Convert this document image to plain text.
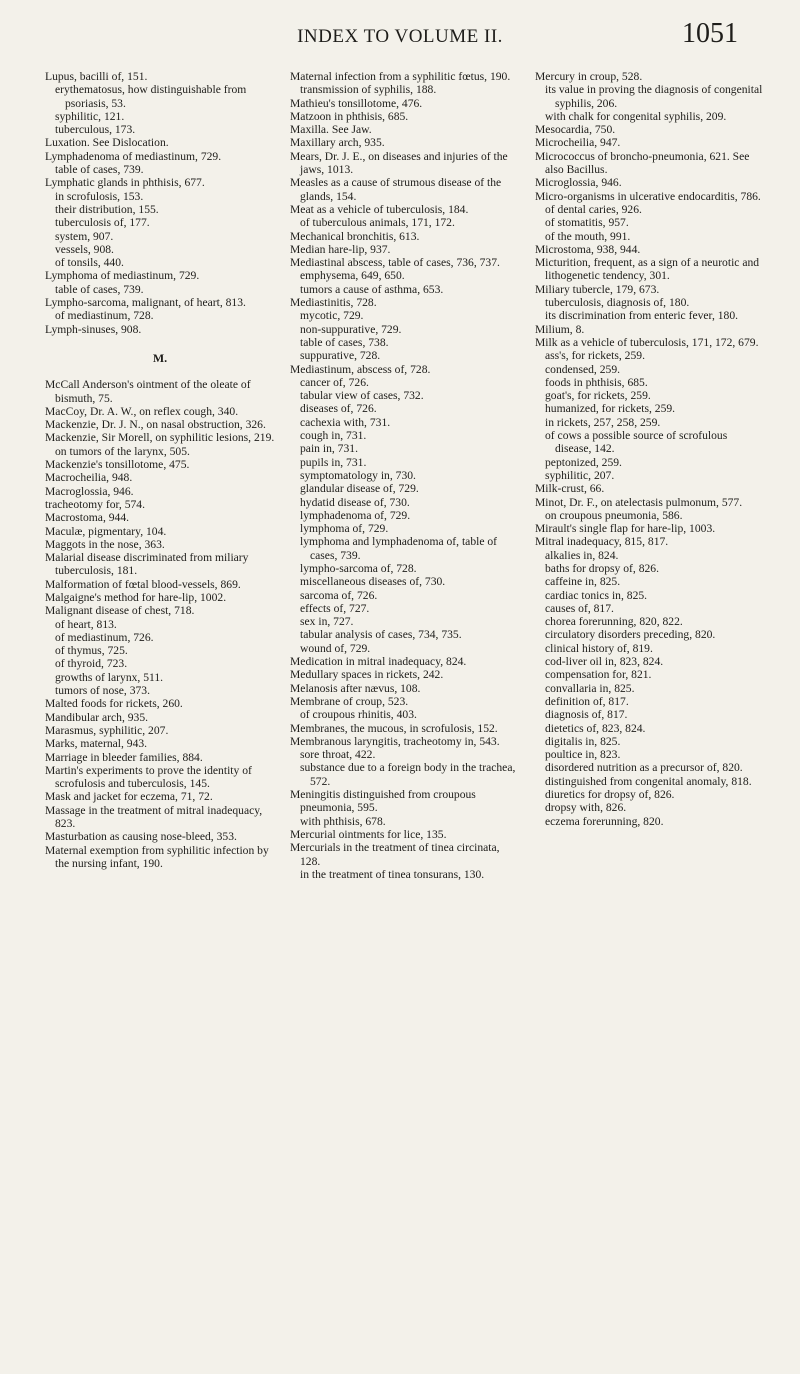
INDEX TO VOLUME II.	1051
Lupus, bacilli of, 151.
erythematosus, how distinguishable from psoriasis, 53.
syphilitic, 121.
tuberculous, 173.
Luxation. See Dislocation.
Lymphadenoma of mediastinum, 729.
table of cases, 739.
Lymphatic glands in phthisis, 677.
in scrofulosis, 153.
their distribution, 155.
tuberculosis of, 177.
system, 907.
vessels, 908.
of tonsils, 440.
Lymphoma of mediastinum, 729.
table of cases, 739.
Lympho-sarcoma, malignant, of heart, 813.
of mediastinum, 728.
Lymph-sinuses, 908.
M.
McCall Anderson's ointment of the oleate of bismuth, 75.
MacCoy, Dr. A. W., on reflex cough, 340.
Mackenzie, Dr. J. N., on nasal obstruction, 326.
Mackenzie, Sir Morell, on syphilitic lesions, 219.
on tumors of the larynx, 505.
Mackenzie's tonsillotome, 475.
Macrocheilia, 948.
Macroglossia, 946.
tracheotomy for, 574.
Macrostoma, 944.
Maculæ, pigmentary, 104.
Maggots in the nose, 363.
Malarial disease discriminated from miliary tuberculosis, 181.
Malformation of fœtal blood-vessels, 869.
Malgaigne's method for hare-lip, 1002.
Malignant disease of chest, 718.
of heart, 813.
of mediastinum, 726.
of thymus, 725.
of thyroid, 723.
growths of larynx, 511.
tumors of nose, 373.
Malted foods for rickets, 260.
Mandibular arch, 935.
Marasmus, syphilitic, 207.
Marks, maternal, 943.
Marriage in bleeder families, 884.
Martin's experiments to prove the identity of scrofulosis and tuberculosis, 145.
Mask and jacket for eczema, 71, 72.
Massage in the treatment of mitral inadequacy, 823.
Masturbation as causing nose-bleed, 353.
Maternal exemption from syphilitic infection by the nursing infant, 190.
Maternal infection from a syphilitic fœtus, 190.
transmission of syphilis, 188.
Mathieu's tonsillotome, 476.
Matzoon in phthisis, 685.
Maxilla. See Jaw.
Maxillary arch, 935.
Mears, Dr. J. E., on diseases and injuries of the jaws, 1013.
Measles as a cause of strumous disease of the glands, 154.
Meat as a vehicle of tuberculosis, 184.
of tuberculous animals, 171, 172.
Mechanical bronchitis, 613.
Median hare-lip, 937.
Mediastinal abscess, table of cases, 736, 737.
emphysema, 649, 650.
tumors a cause of asthma, 653.
Mediastinitis, 728.
mycotic, 729.
non-suppurative, 729.
table of cases, 738.
suppurative, 728.
Mediastinum, abscess of, 728.
cancer of, 726.
tabular view of cases, 732.
diseases of, 726.
cachexia with, 731.
cough in, 731.
pain in, 731.
pupils in, 731.
symptomatology in, 730.
glandular disease of, 729.
hydatid disease of, 730.
lymphadenoma of, 729.
lymphoma of, 729.
lymphoma and lymphadenoma of, table of cases, 739.
lympho-sarcoma of, 728.
miscellaneous diseases of, 730.
sarcoma of, 726.
effects of, 727.
sex in, 727.
tabular analysis of cases, 734, 735.
wound of, 729.
Medication in mitral inadequacy, 824.
Medullary spaces in rickets, 242.
Melanosis after nævus, 108.
Membrane of croup, 523.
of croupous rhinitis, 403.
Membranes, the mucous, in scrofulosis, 152.
Membranous laryngitis, tracheotomy in, 543.
sore throat, 422.
substance due to a foreign body in the trachea, 572.
Meningitis distinguished from croupous pneumonia, 595.
with phthisis, 678.
Mercurial ointments for lice, 135.
Mercurials in the treatment of tinea circinata, 128.
in the treatment of tinea tonsurans, 130.
Mercury in croup, 528.
its value in proving the diagnosis of congenital syphilis, 206.
with chalk for congenital syphilis, 209.
Mesocardia, 750.
Microcheilia, 947.
Micrococcus of broncho-pneumonia, 621. See also Bacillus.
Microglossia, 946.
Micro-organisms in ulcerative endocarditis, 786.
of dental caries, 926.
of stomatitis, 957.
of the mouth, 991.
Microstoma, 938, 944.
Micturition, frequent, as a sign of a neurotic and lithogenetic tendency, 301.
Miliary tubercle, 179, 673.
tuberculosis, diagnosis of, 180.
its discrimination from enteric fever, 180.
Milium, 8.
Milk as a vehicle of tuberculosis, 171, 172, 679.
ass's, for rickets, 259.
condensed, 259.
foods in phthisis, 685.
goat's, for rickets, 259.
humanized, for rickets, 259.
in rickets, 257, 258, 259.
of cows a possible source of scrofulous disease, 142.
peptonized, 259.
syphilitic, 207.
Milk-crust, 66.
Minot, Dr. F., on atelectasis pulmonum, 577.
on croupous pneumonia, 586.
Mirault's single flap for hare-lip, 1003.
Mitral inadequacy, 815, 817.
alkalies in, 824.
baths for dropsy of, 826.
caffeine in, 825.
cardiac tonics in, 825.
causes of, 817.
chorea forerunning, 820, 822.
circulatory disorders preceding, 820.
clinical history of, 819.
cod-liver oil in, 823, 824.
compensation for, 821.
convallaria in, 825.
definition of, 817.
diagnosis of, 817.
dietetics of, 823, 824.
digitalis in, 825.
poultice in, 823.
disordered nutrition as a precursor of, 820.
distinguished from congenital anomaly, 818.
diuretics for dropsy of, 826.
dropsy with, 826.
eczema forerunning, 820.
